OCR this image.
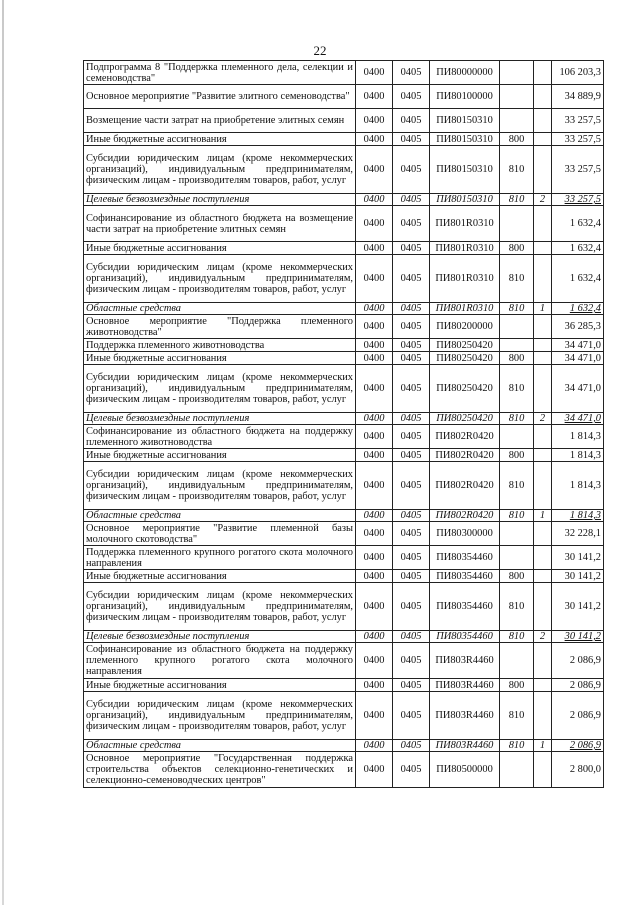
22
Подпрограмма 8 "Поддержка племенного дела, селекции и семеноводства"	0400	0405	ПИ80000000			106 203,3
Основное мероприятие "Развитие элитного семеноводства"	0400	0405	ПИ80100000			34 889,9
Возмещение части затрат на приобретение элитных семян	0400	0405	ПИ80150310			33 257,5
Иные бюджетные ассигнования	0400	0405	ПИ80150310	800		33 257,5
Субсидии юридическим лицам (кроме некоммерческих организаций), индивидуальным предпринимателям, физическим лицам - производителям товаров, работ, услуг	0400	0405	ПИ80150310	810		33 257,5
Целевые безвозмездные поступления	0400	0405	ПИ80150310	810	2	33 257,5
Софинансирование из областного бюджета на возмещение части затрат на приобретение элитных семян	0400	0405	ПИ801R0310			1 632,4
Иные бюджетные ассигнования	0400	0405	ПИ801R0310	800		1 632,4
Субсидии юридическим лицам (кроме некоммерческих организаций), индивидуальным предпринимателям, физическим лицам - производителям товаров, работ, услуг	0400	0405	ПИ801R0310	810		1 632,4
Областные средства	0400	0405	ПИ801R0310	810	1	1 632,4
Основное мероприятие "Поддержка племенного животноводства"	0400	0405	ПИ80200000			36 285,3
Поддержка племенного животноводства	0400	0405	ПИ80250420			34 471,0
Иные бюджетные ассигнования	0400	0405	ПИ80250420	800		34 471,0
Субсидии юридическим лицам (кроме некоммерческих организаций), индивидуальным предпринимателям, физическим лицам - производителям товаров, работ, услуг	0400	0405	ПИ80250420	810		34 471,0
Целевые безвозмездные поступления	0400	0405	ПИ80250420	810	2	34 471,0
Софинансирование из областного бюджета на поддержку племенного животноводства	0400	0405	ПИ802R0420			1 814,3
Иные бюджетные ассигнования	0400	0405	ПИ802R0420	800		1 814,3
Субсидии юридическим лицам (кроме некоммерческих организаций), индивидуальным предпринимателям, физическим лицам - производителям товаров, работ, услуг	0400	0405	ПИ802R0420	810		1 814,3
Областные средства	0400	0405	ПИ802R0420	810	1	1 814,3
Основное мероприятие "Развитие племенной базы молочного скотоводства"	0400	0405	ПИ80300000			32 228,1
Поддержка племенного крупного рогатого скота молочного направления	0400	0405	ПИ80354460			30 141,2
Иные бюджетные ассигнования	0400	0405	ПИ80354460	800		30 141,2
Субсидии юридическим лицам (кроме некоммерческих организаций), индивидуальным предпринимателям, физическим лицам - производителям товаров, работ, услуг	0400	0405	ПИ80354460	810		30 141,2
Целевые безвозмездные поступления	0400	0405	ПИ80354460	810	2	30 141,2
Софинансирование из областного бюджета на поддержку племенного крупного рогатого скота молочного направления	0400	0405	ПИ803R4460			2 086,9
Иные бюджетные ассигнования	0400	0405	ПИ803R4460	800		2 086,9
Субсидии юридическим лицам (кроме некоммерческих организаций), индивидуальным предпринимателям, физическим лицам - производителям товаров, работ, услуг	0400	0405	ПИ803R4460	810		2 086,9
Областные средства	0400	0405	ПИ803R4460	810	1	2 086,9
Основное мероприятие "Государственная поддержка строительства объектов селекционно-генетических и селекционно-семеноводческих центров"	0400	0405	ПИ80500000			2 800,0
